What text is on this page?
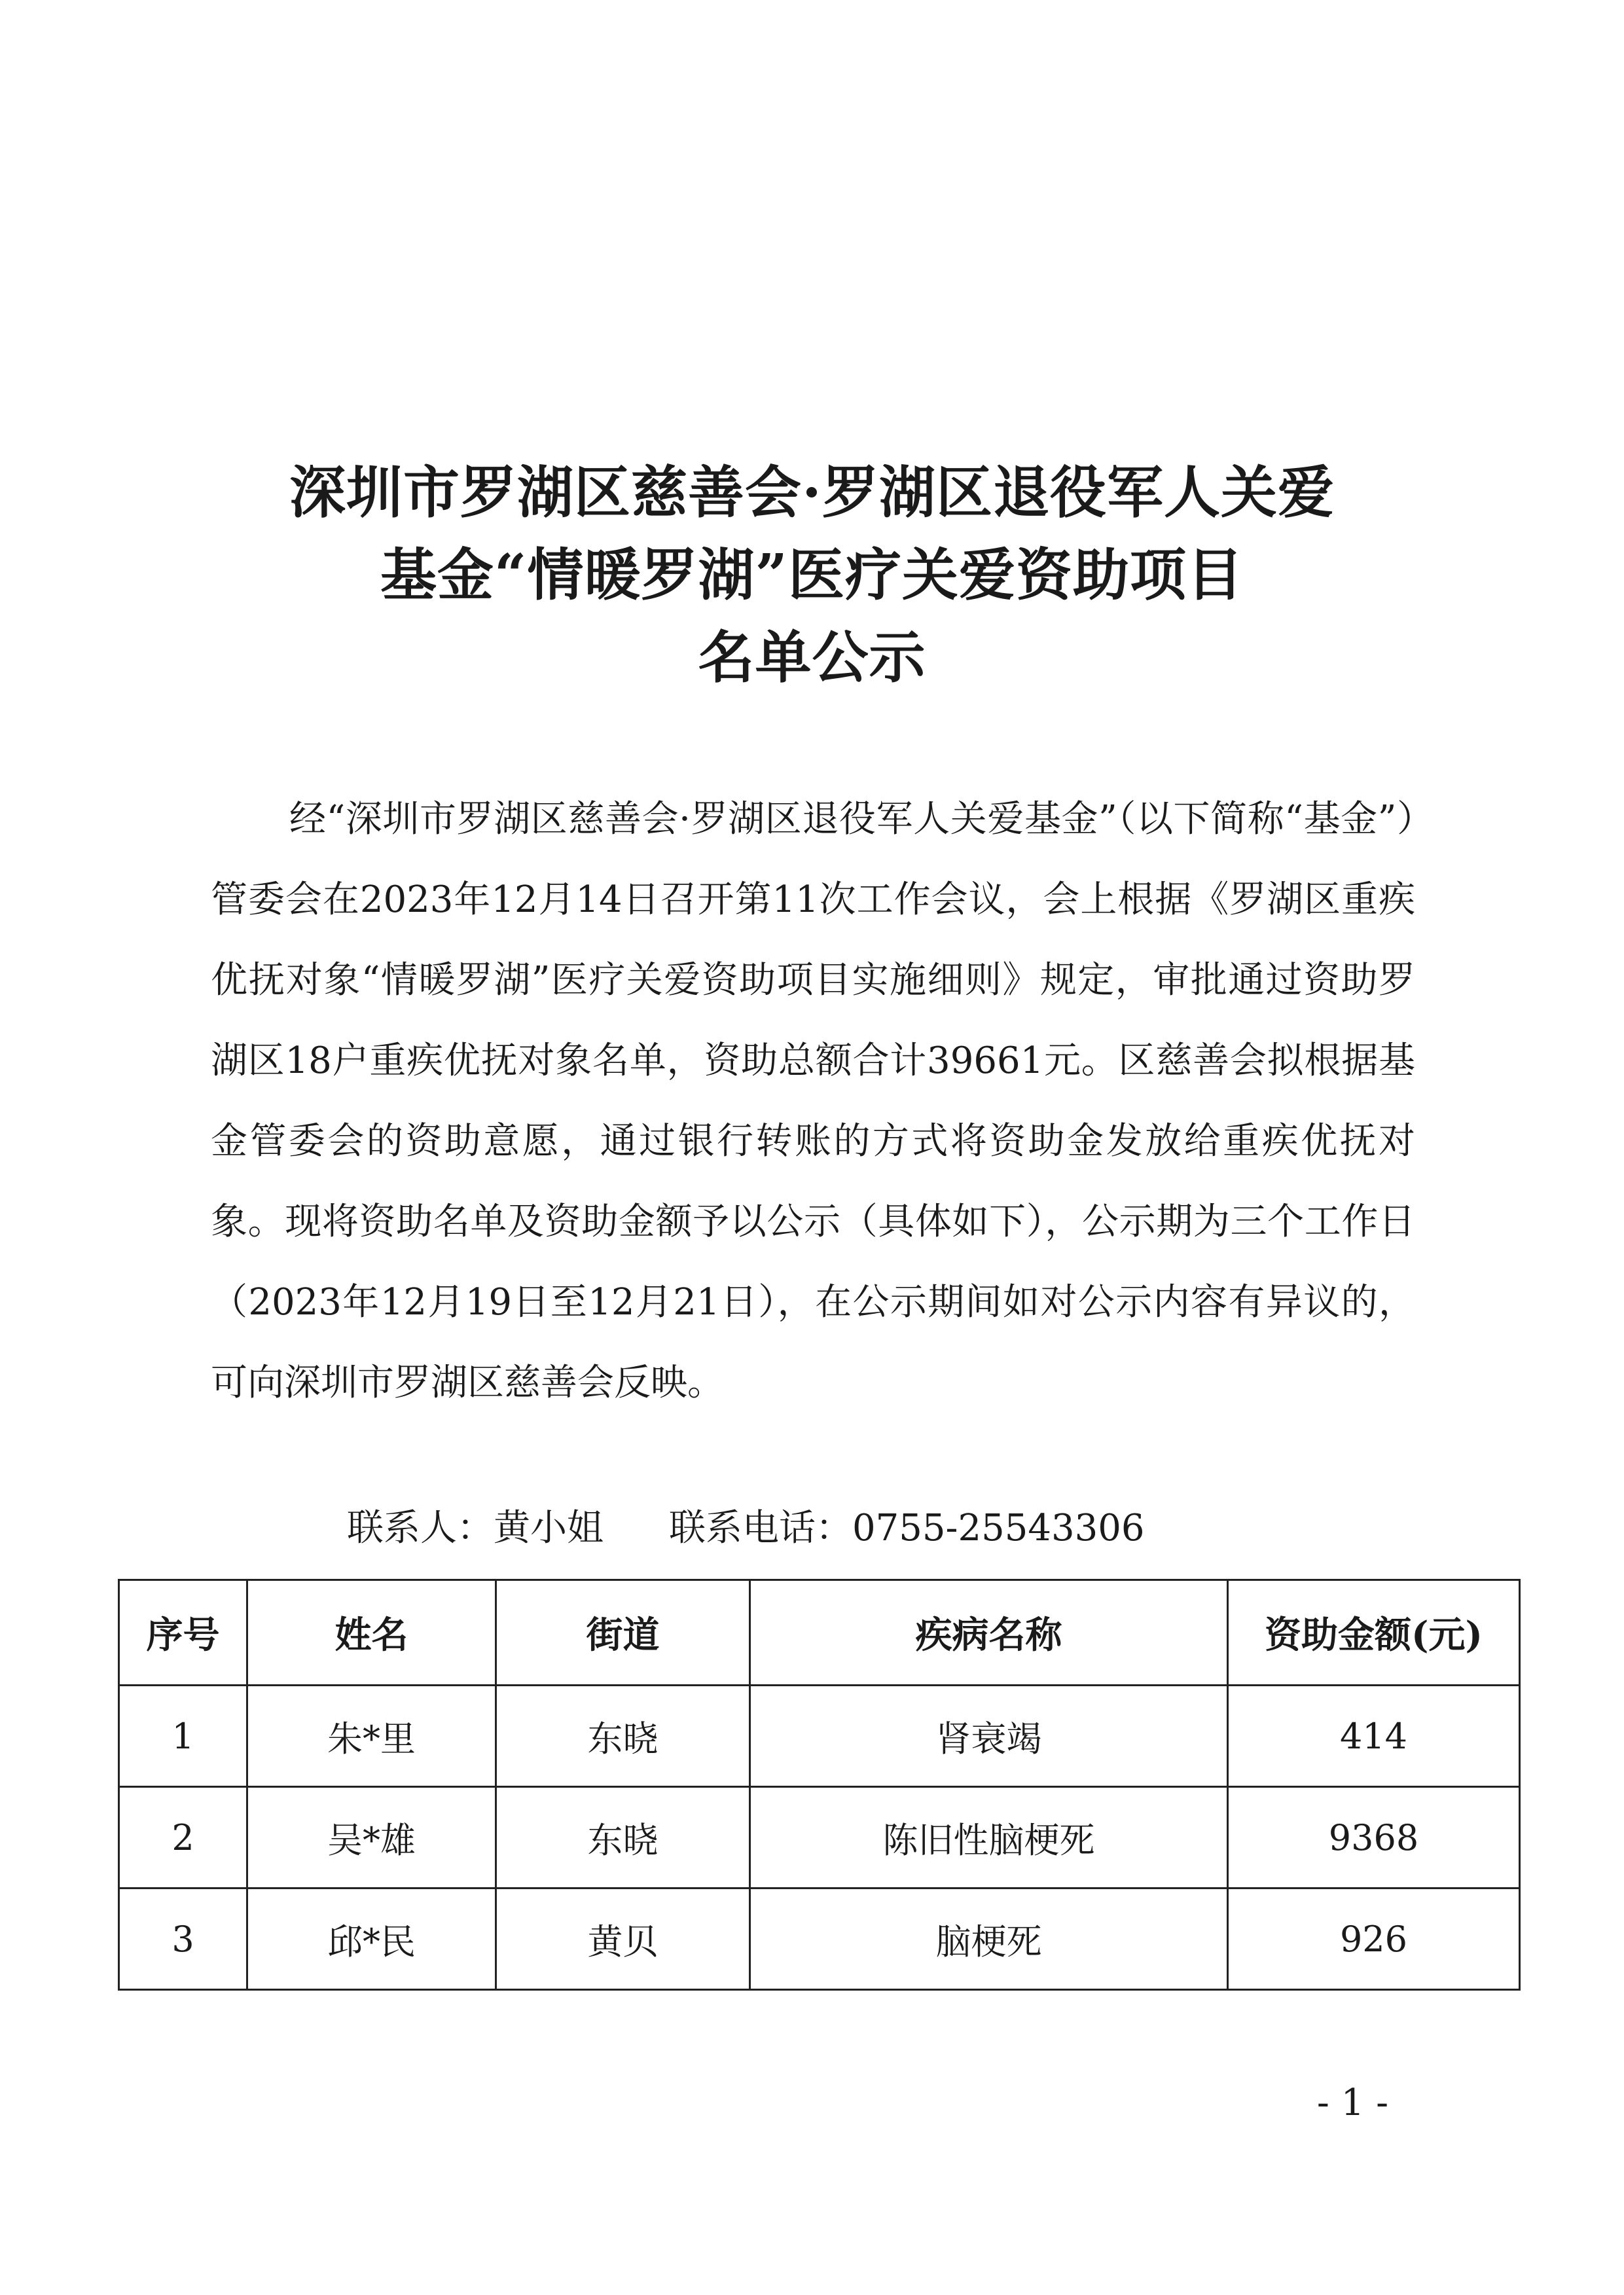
深圳市罗湖区慈善会·罗湖区退役军人关爱
基金“情暖罗湖”医疗关爱资助项目
名单公示

经“深圳市罗湖区慈善会·罗湖区退役军人关爱基金”（以下简称“基金”）管委会在2023年12月14日召开第11次工作会议，会上根据《罗湖区重疾优抚对象“情暖罗湖”医疗关爱资助项目实施细则》规定，审批通过资助罗湖区18户重疾优抚对象名单，资助总额合计39661元。区慈善会拟根据基金管委会的资助意愿，通过银行转账的方式将资助金发放给重疾优抚对象。现将资助名单及资助金额予以公示（具体如下），公示期为三个工作日（2023年12月19日至12月21日），在公示期间如对公示内容有异议的，可向深圳市罗湖区慈善会反映。

联系人：黄小姐 联系电话：0755-25543306
序号	姓名	街道	疾病名称	资助金额(元)
1	朱*里	东晓	肾衰竭	414
2	吴*雄	东晓	陈旧性脑梗死	9368
3	邱*民	黄贝	脑梗死	926
- 1 -
